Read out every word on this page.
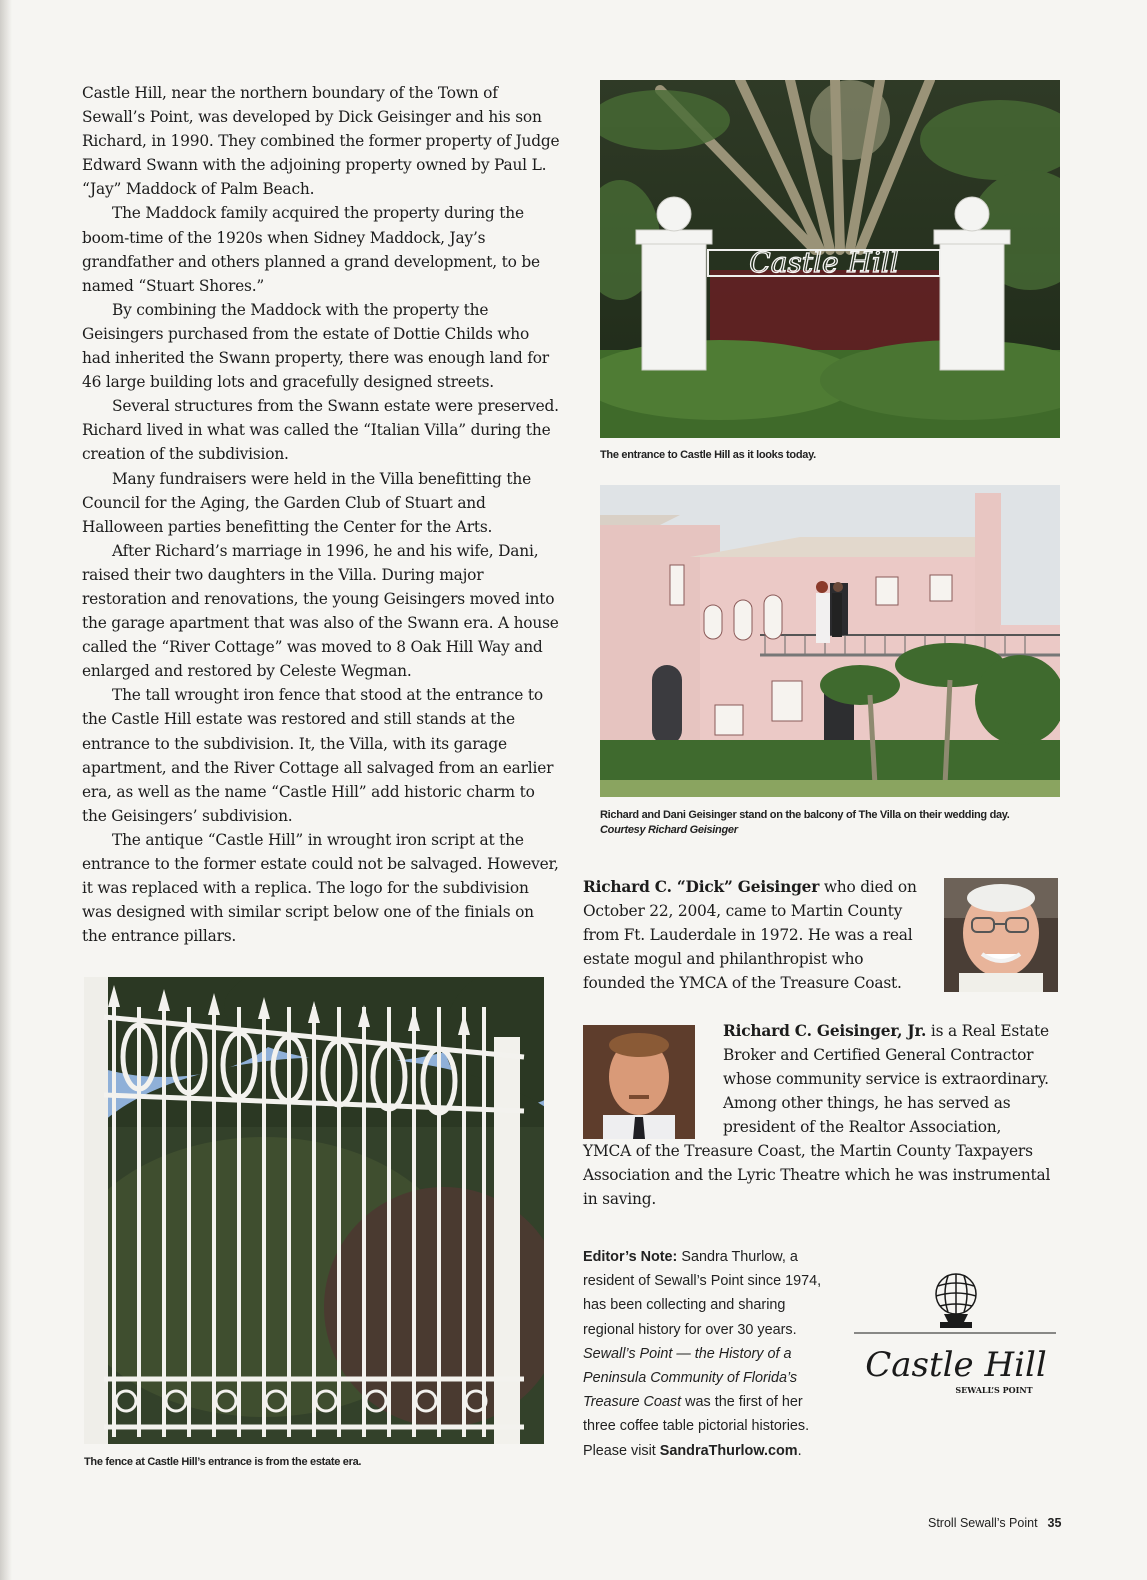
Castle Hill, near the northern boundary of the Town of Sewall’s Point, was developed by Dick Geisinger and his son Richard, in 1990. They combined the former property of Judge Edward Swann with the adjoining property owned by Paul L. “Jay” Maddock of Palm Beach.

The Maddock family acquired the property during the boom-time of the 1920s when Sidney Maddock, Jay’s grandfather and others planned a grand development, to be named “Stuart Shores.”

By combining the Maddock with the property the Geisingers purchased from the estate of Dottie Childs who had inherited the Swann property, there was enough land for 46 large building lots and gracefully designed streets.

Several structures from the Swann estate were preserved. Richard lived in what was called the “Italian Villa” during the creation of the subdivision.

Many fundraisers were held in the Villa benefitting the Council for the Aging, the Garden Club of Stuart and Halloween parties benefitting the Center for the Arts.

After Richard’s marriage in 1996, he and his wife, Dani, raised their two daughters in the Villa. During major restoration and renovations, the young Geisingers moved into the garage apartment that was also of the Swann era. A house called the “River Cottage” was moved to 8 Oak Hill Way and enlarged and restored by Celeste Wegman.

The tall wrought iron fence that stood at the entrance to the Castle Hill estate was restored and still stands at the entrance to the subdivision. It, the Villa, with its garage apartment, and the River Cottage all salvaged from an earlier era, as well as the name “Castle Hill” add historic charm to the Geisingers’ subdivision.

The antique “Castle Hill” in wrought iron script at the entrance to the former estate could not be salvaged. However, it was replaced with a replica. The logo for the subdivision was designed with similar script below one of the finials on the entrance pillars.

Castle Hill
The entrance to Castle Hill as it looks today.
Richard and Dani Geisinger stand on the balcony of The Villa on their wedding day.
Courtesy Richard Geisinger
The fence at Castle Hill’s entrance is from the estate era.
Richard C. “Dick” Geisinger who died on October 22, 2004, came to Martin County from Ft. Lauderdale in 1972. He was a real estate mogul and philanthropist who founded the YMCA of the Treasure Coast.
Richard C. Geisinger, Jr. is a Real Estate Broker and Certified General Contractor whose community service is extraordinary. Among other things, he has served as president of the Realtor Association, YMCA of the Treasure Coast, the Martin County Taxpayers Association and the Lyric Theatre which he was instrumental in saving.
Editor’s Note: Sandra Thurlow, a resident of Sewall’s Point since 1974, has been collecting and sharing regional history for over 30 years. Sewall’s Point — the History of a Peninsula Community of Florida’s Treasure Coast was the first of her three coffee table pictorial histories. Please visit SandraThurlow.com.
Castle Hill
SEWALL’S POINT
Stroll Sewall’s Point 35
